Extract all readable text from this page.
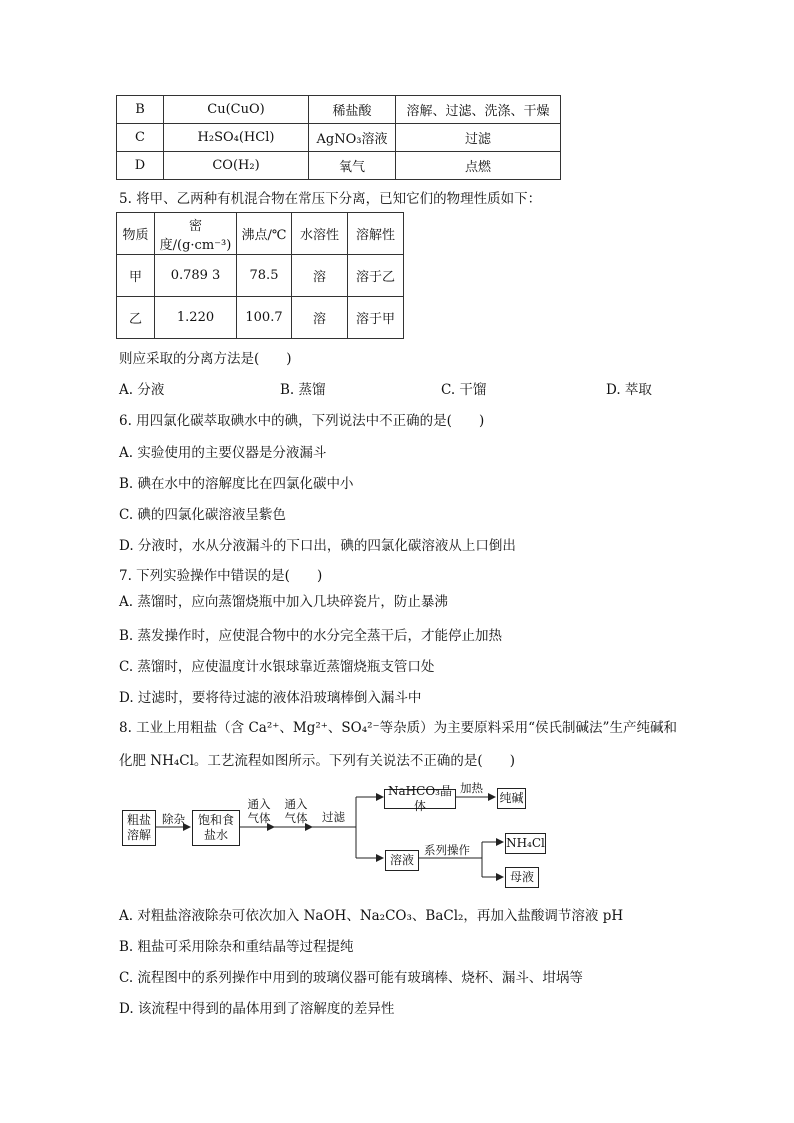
B	Cu(CuO)	稀盐酸	溶解、过滤、洗涤、干燥
C	H₂SO₄(HCl)	AgNO₃溶液	过滤
D	CO(H₂)	氧气	点燃
5. 将甲、乙两种有机混合物在常压下分离，已知它们的物理性质如下：
物质	密度/(g·cm⁻³)	沸点/℃	水溶性	溶解性
甲	0.789 3	78.5	溶	溶于乙
乙	1.220	100.7	溶	溶于甲
则应采取的分离方法是(　　)
A. 分液	B. 蒸馏	C. 干馏	D. 萃取
6. 用四氯化碳萃取碘水中的碘，下列说法中不正确的是(　　)
A. 实验使用的主要仪器是分液漏斗
B. 碘在水中的溶解度比在四氯化碳中小
C. 碘的四氯化碳溶液呈紫色
D. 分液时，水从分液漏斗的下口出，碘的四氯化碳溶液从上口倒出
7. 下列实验操作中错误的是(　　)
A. 蒸馏时，应向蒸馏烧瓶中加入几块碎瓷片，防止暴沸
B. 蒸发操作时，应使混合物中的水分完全蒸干后，才能停止加热
C. 蒸馏时，应使温度计水银球靠近蒸馏烧瓶支管口处
D. 过滤时，要将待过滤的液体沿玻璃棒倒入漏斗中
8. 工业上用粗盐（含 Ca²⁺、Mg²⁺、SO₄²⁻等杂质）为主要原料采用“侯氏制碱法”生产纯碱和
化肥 NH₄Cl。工艺流程如图所示。下列有关说法不正确的是(　　)
粗盐溶解
除杂 饱和食盐水
通入气体
通入气体 过滤
NaHCO₃晶体
加热
纯碱
溶液
系列操作	NH₄Cl
母液
A. 对粗盐溶液除杂可依次加入 NaOH、Na₂CO₃、BaCl₂，再加入盐酸调节溶液 pH
B. 粗盐可采用除杂和重结晶等过程提纯
C. 流程图中的系列操作中用到的玻璃仪器可能有玻璃棒、烧杯、漏斗、坩埚等
D. 该流程中得到的晶体用到了溶解度的差异性
